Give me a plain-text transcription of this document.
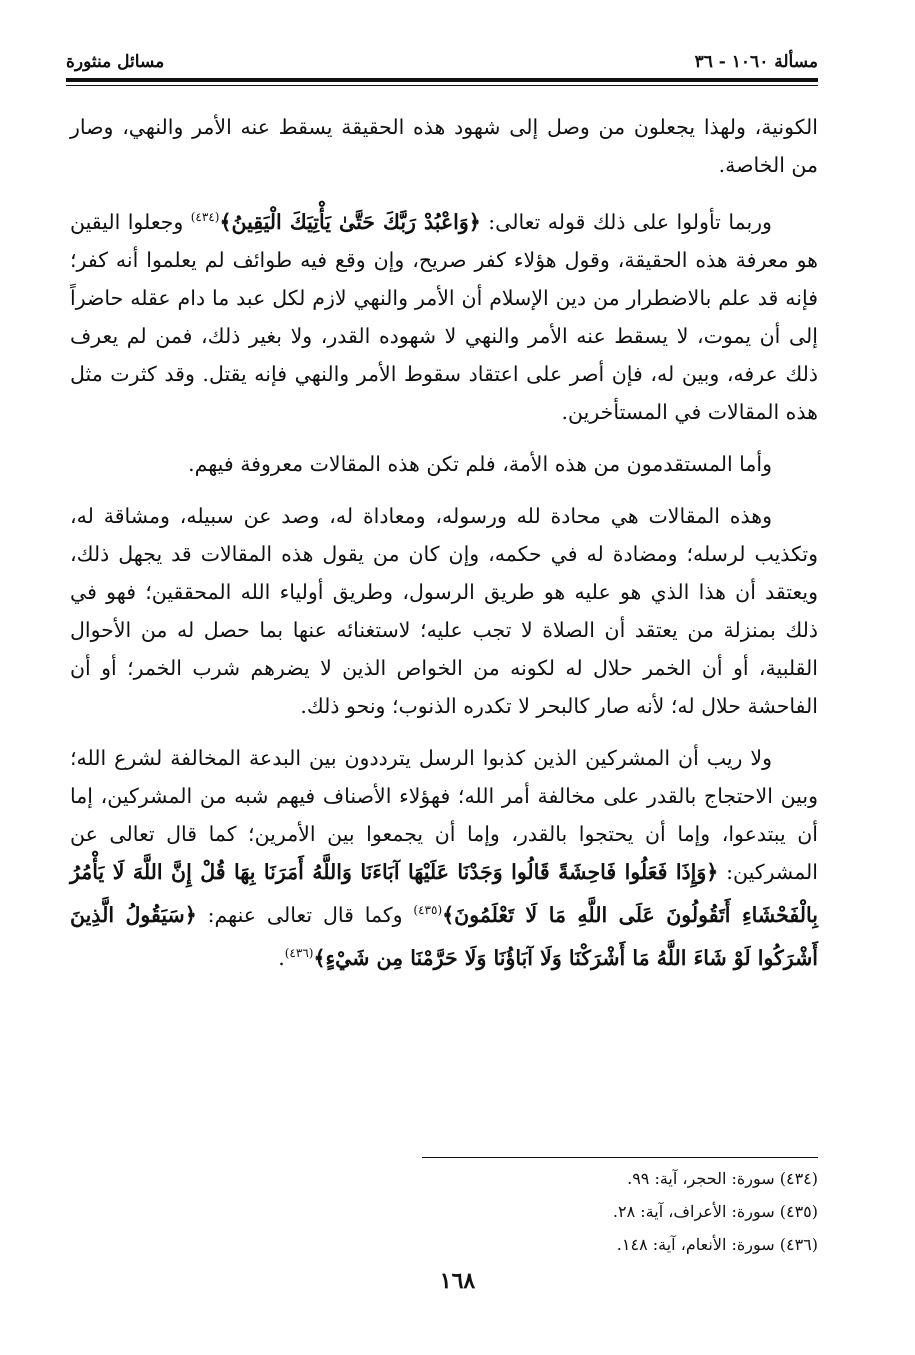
مسألة ١٠٦٠ - ٣٦
مسائل منثورة

الكونية، ولهذا يجعلون من وصل إلى شهود هذه الحقيقة يسقط عنه الأمر والنهي، وصار من الخاصة.

وربما تأولوا على ذلك قوله تعالى: ﴿وَاعْبُدْ رَبَّكَ حَتَّىٰ يَأْتِيَكَ الْيَقِينُ﴾$^{(٤٣٤)}$ وجعلوا اليقين هو معرفة هذه الحقيقة، وقول هؤلاء كفر صريح، وإن وقع فيه طوائف لم يعلموا أنه كفر؛ فإنه قد علم بالاضطرار من دين الإسلام أن الأمر والنهي لازم لكل عبد ما دام عقله حاضراً إلى أن يموت، لا يسقط عنه الأمر والنهي لا شهوده القدر، ولا بغير ذلك، فمن لم يعرف ذلك عرفه، وبين له، فإن أصر على اعتقاد سقوط الأمر والنهي فإنه يقتل. وقد كثرت مثل هذه المقالات في المستأخرين.

وأما المستقدمون من هذه الأمة، فلم تكن هذه المقالات معروفة فيهم.

وهذه المقالات هي محادة لله ورسوله، ومعاداة له، وصد عن سبيله، ومشاقة له، وتكذيب لرسله؛ ومضادة له في حكمه، وإن كان من يقول هذه المقالات قد يجهل ذلك، ويعتقد أن هذا الذي هو عليه هو طريق الرسول، وطريق أولياء الله المحققين؛ فهو في ذلك بمنزلة من يعتقد أن الصلاة لا تجب عليه؛ لاستغنائه عنها بما حصل له من الأحوال القلبية، أو أن الخمر حلال له لكونه من الخواص الذين لا يضرهم شرب الخمر؛ أو أن الفاحشة حلال له؛ لأنه صار كالبحر لا تكدره الذنوب؛ ونحو ذلك.

ولا ريب أن المشركين الذين كذبوا الرسل يترددون بين البدعة المخالفة لشرع الله؛ وبين الاحتجاج بالقدر على مخالفة أمر الله؛ فهؤلاء الأصناف فيهم شبه من المشركين، إما أن يبتدعوا، وإما أن يحتجوا بالقدر، وإما أن يجمعوا بين الأمرين؛ كما قال تعالى عن المشركين: ﴿وَإِذَا فَعَلُوا فَاحِشَةً قَالُوا وَجَدْنَا عَلَيْهَا آبَاءَنَا وَاللَّهُ أَمَرَنَا بِهَا قُلْ إِنَّ اللَّهَ لَا يَأْمُرُ بِالْفَحْشَاءِ أَتَقُولُونَ عَلَى اللَّهِ مَا لَا تَعْلَمُونَ﴾$^{(٤٣٥)}$ وكما قال تعالى عنهم: ﴿سَيَقُولُ الَّذِينَ أَشْرَكُوا لَوْ شَاءَ اللَّهُ مَا أَشْرَكْنَا وَلَا آبَاؤُنَا وَلَا حَرَّمْنَا مِن شَيْءٍ﴾$^{(٤٣٦)}$.

(٤٣٤) سورة: الحجر، آية: ٩٩.
(٤٣٥) سورة: الأعراف، آية: ٢٨.
(٤٣٦) سورة: الأنعام، آية: ١٤٨.
١٦٨
